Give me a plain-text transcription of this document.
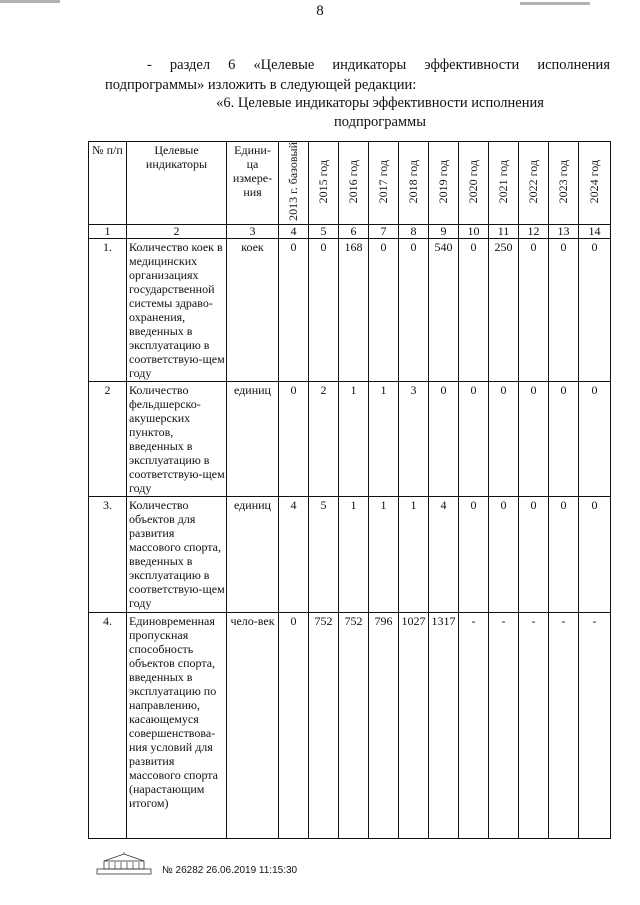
8
- раздел 6 «Целевые индикаторы эффективности исполнения
подпрограммы» изложить в следующей редакции:
«6. Целевые индикаторы эффективности исполнения
подпрограммы
№ п/п	Целевые индикаторы	Едини-ца измере-ния	2013 г. базовый	2015 год	2016 год	2017 год	2018 год	2019 год	2020 год	2021 год	2022 год	2023 год	2024 год
1	2	3	4	5	6	7	8	9	10	11	12	13	14
1.	Количество коек в медицинских организациях государственной системы здраво-охранения, введенных в эксплуатацию в соответствую-щем году	коек	0	0	168	0	0	540	0	250	0	0	0
2	Количество фельдшерско-акушерских пунктов, введенных в эксплуатацию в соответствую-щем году	единиц	0	2	1	1	3	0	0	0	0	0	0
3.	Количество объектов для развития массового спорта, введенных в эксплуатацию в соответствую-щем году	единиц	4	5	1	1	1	4	0	0	0	0	0
4.	Единовременная пропускная способность объектов спорта, введенных в эксплуатацию по направлению, касающемуся совершенствова-ния условий для развития массового спорта (нарастающим итогом)	чело-век	0	752	752	796	1027	1317	-	-	-	-	-
№ 26282 26.06.2019 11:15:30
